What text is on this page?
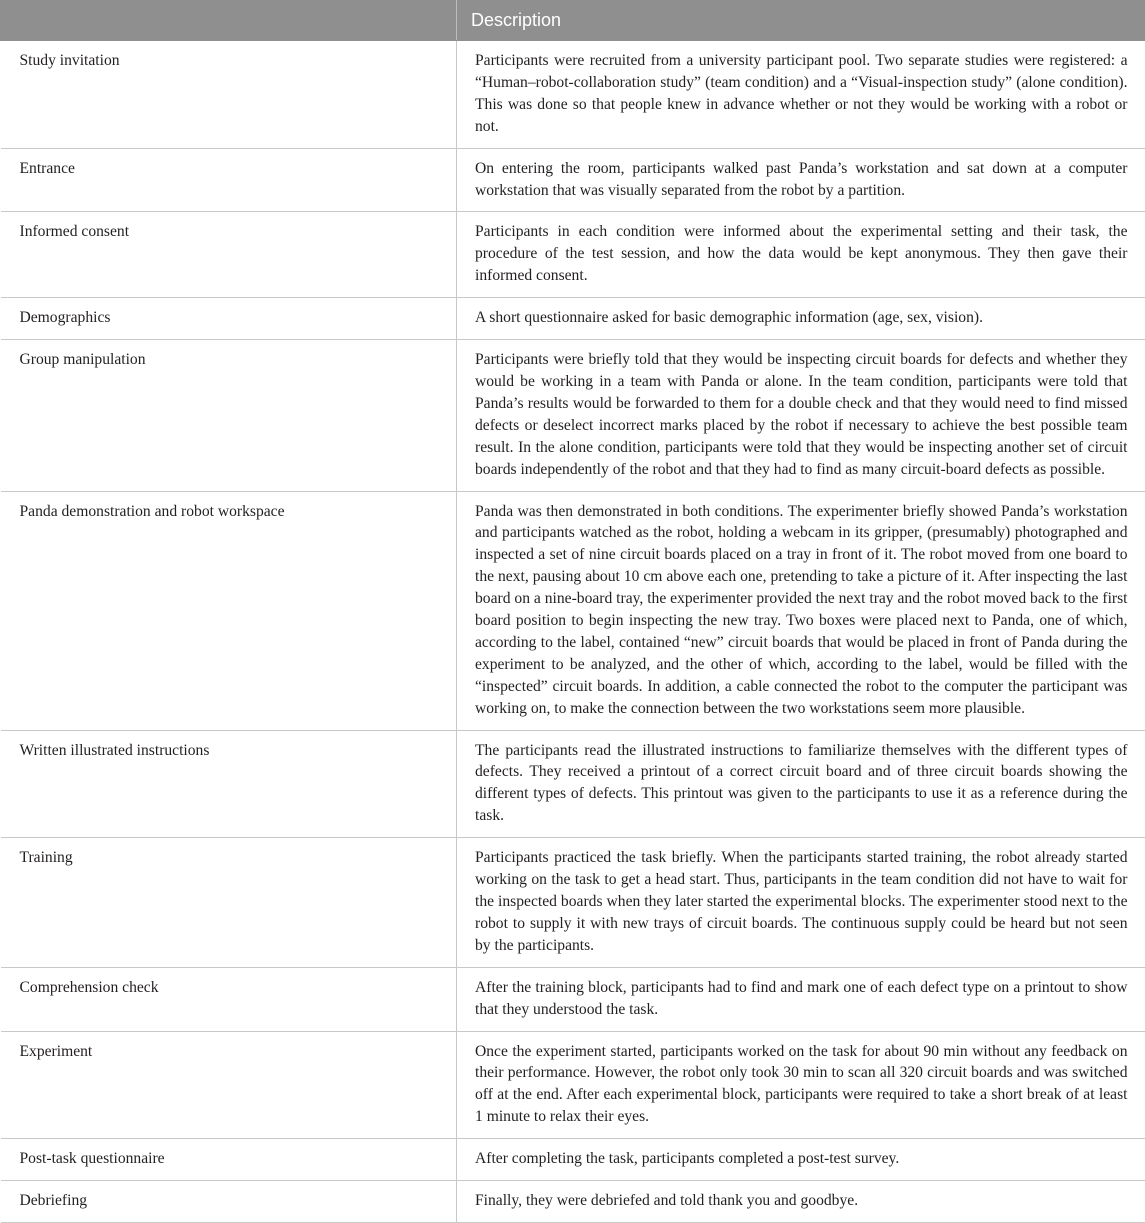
	Description
Study invitation	Participants were recruited from a university participant pool. Two separate studies were registered: a “Human–robot-collaboration study” (team condition) and a “Visual-inspection study” (alone condition). This was done so that people knew in advance whether or not they would be working with a robot or not.
Entrance	On entering the room, participants walked past Panda’s workstation and sat down at a computer workstation that was visually separated from the robot by a partition.
Informed consent	Participants in each condition were informed about the experimental setting and their task, the procedure of the test session, and how the data would be kept anonymous. They then gave their informed consent.
Demographics	A short questionnaire asked for basic demographic information (age, sex, vision).
Group manipulation	Participants were briefly told that they would be inspecting circuit boards for defects and whether they would be working in a team with Panda or alone. In the team condition, participants were told that Panda’s results would be forwarded to them for a double check and that they would need to find missed defects or deselect incorrect marks placed by the robot if necessary to achieve the best possible team result. In the alone condition, participants were told that they would be inspecting another set of circuit boards independently of the robot and that they had to find as many circuit-board defects as possible.
Panda demonstration and robot workspace	Panda was then demonstrated in both conditions. The experimenter briefly showed Panda’s workstation and participants watched as the robot, holding a webcam in its gripper, (presumably) photographed and inspected a set of nine circuit boards placed on a tray in front of it. The robot moved from one board to the next, pausing about 10 cm above each one, pretending to take a picture of it. After inspecting the last board on a nine-board tray, the experimenter provided the next tray and the robot moved back to the first board position to begin inspecting the new tray. Two boxes were placed next to Panda, one of which, according to the label, contained “new” circuit boards that would be placed in front of Panda during the experiment to be analyzed, and the other of which, according to the label, would be filled with the “inspected” circuit boards. In addition, a cable connected the robot to the computer the participant was working on, to make the connection between the two workstations seem more plausible.
Written illustrated instructions	The participants read the illustrated instructions to familiarize themselves with the different types of defects. They received a printout of a correct circuit board and of three circuit boards showing the different types of defects. This printout was given to the participants to use it as a reference during the task.
Training	Participants practiced the task briefly. When the participants started training, the robot already started working on the task to get a head start. Thus, participants in the team condition did not have to wait for the inspected boards when they later started the experimental blocks. The experimenter stood next to the robot to supply it with new trays of circuit boards. The continuous supply could be heard but not seen by the participants.
Comprehension check	After the training block, participants had to find and mark one of each defect type on a printout to show that they understood the task.
Experiment	Once the experiment started, participants worked on the task for about 90 min without any feedback on their performance. However, the robot only took 30 min to scan all 320 circuit boards and was switched off at the end. After each experimental block, participants were required to take a short break of at least 1 minute to relax their eyes.
Post-task questionnaire	After completing the task, participants completed a post-test survey.
Debriefing	Finally, they were debriefed and told thank you and goodbye.
